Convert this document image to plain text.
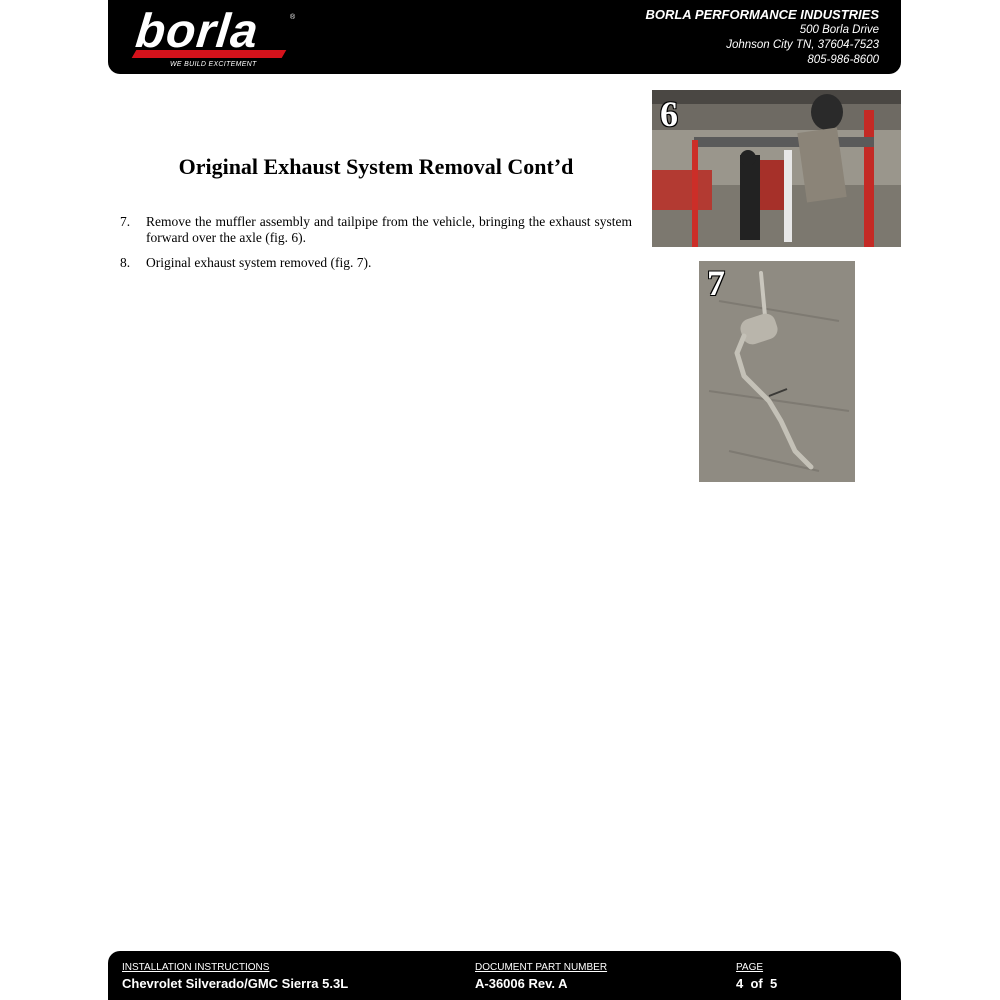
borla	®
WE BUILD EXCITEMENT
BORLA PERFORMANCE INDUSTRIES
500 Borla Drive
Johnson City TN, 37604-7523
805-986-8600
Original Exhaust System Removal Cont’d
7.	Remove the muffler assembly and tailpipe from the vehicle, bringing the exhaust system forward over the axle (fig. 6).
8.	Original exhaust system removed (fig. 7).
6
7
INSTALLATION INSTRUCTIONS
Chevrolet Silverado/GMC Sierra 5.3L
DOCUMENT PART NUMBER
A-36006 Rev. A
PAGE
4  of  5
